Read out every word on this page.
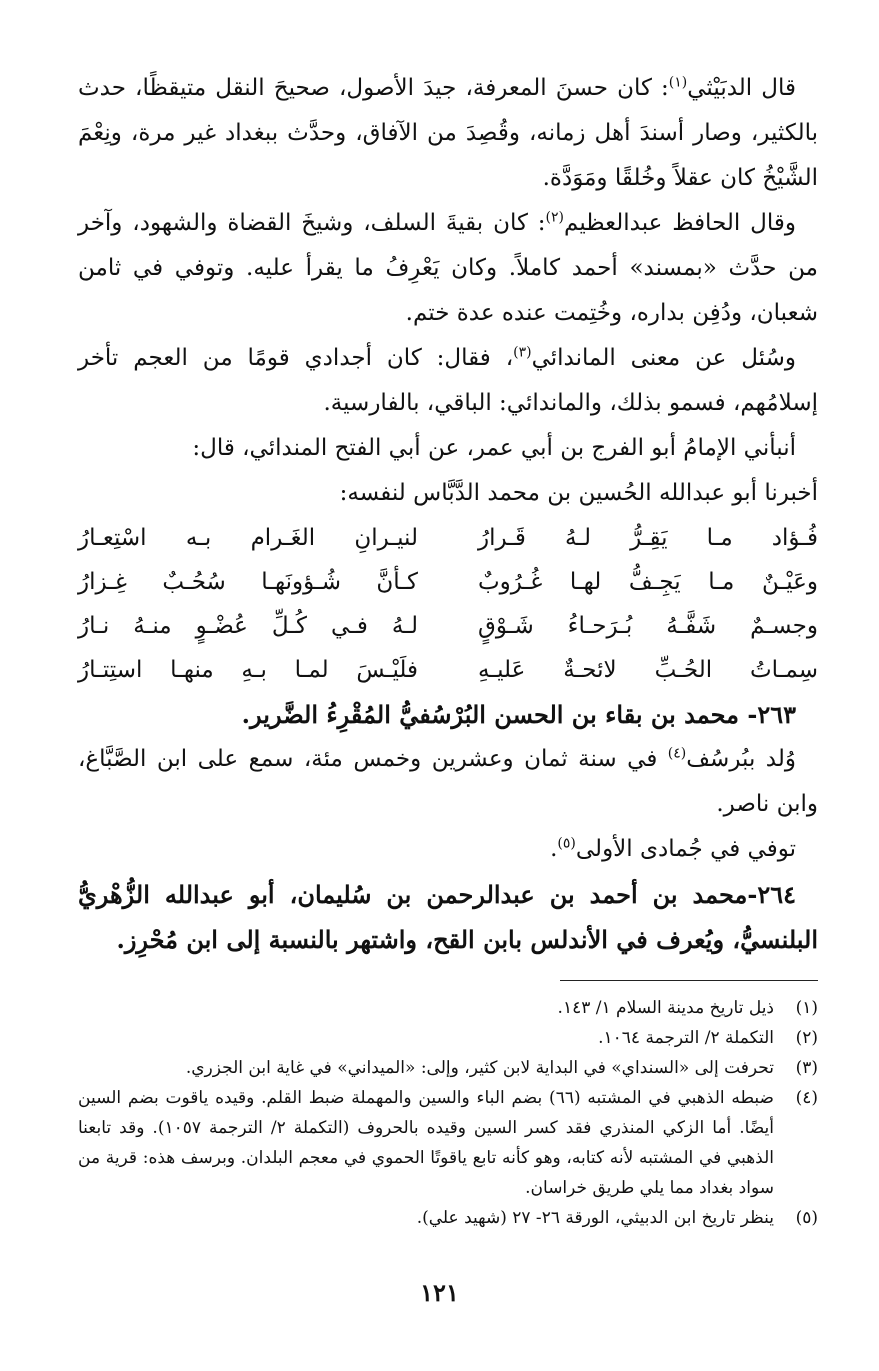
قال الدبَيْثي$^{(١)}$: كان حسنَ المعرفة، جيدَ الأصول، صحيحَ النقل متيقظًا، حدث بالكثير، وصار أسندَ أهل زمانه، وقُصِدَ من الآفاق، وحدَّث ببغداد غير مرة، ونِعْمَ الشَّيْخُ كان عقلاً وخُلقًا ومَوَدَّة.

وقال الحافظ عبدالعظيم$^{(٢)}$: كان بقيةَ السلف، وشيخَ القضاة والشهود، وآخر من حدَّث «بمسند» أحمد كاملاً. وكان يَعْرِفُ ما يقرأ عليه. وتوفي في ثامن شعبان، ودُفِن بداره، وخُتِمت عنده عدة ختم.

وسُئل عن معنى الماندائي$^{(٣)}$، فقال: كان أجدادي قومًا من العجم تأخر إسلامُهم، فسمو بذلك، والماندائي: الباقي، بالفارسية.

أنبأني الإمامُ أبو الفرج بن أبي عمر، عن أبي الفتح المندائي، قال:

أخبرنا أبو عبدالله الحُسين بن محمد الدَّبَّاس لنفسه:

فُـؤاد مـا يَقِـرُّ لـهُ قَـرارُ
لنيـرانِ الغَـرام بـه اسْتِعـارُ
وعَيْـنٌ مـا يَجِـفُّ لهـا غُـرُوبٌ
كـأنَّ شُـؤونَهـا سُحُـبٌ غِـزارُ
وجسـمٌ شَفَّـهُ بُـرَحـاءُ شَـوْقٍ
لـهُ فـي كُـلِّ عُضْـوٍ منـهُ نـارُ
سِمـاتُ الحُـبِّ لائحـةٌ عَليـهِ
فلَيْـسَ لمـا بـهِ منهـا استِتـارُ

٢٦٣- محمد بن بقاء بن الحسن البُرْسُفيُّ المُقْرِءُ الضَّرير.

وُلد ببُرسُف$^{(٤)}$ في سنة ثمان وعشرين وخمس مئة، سمع على ابن الصَّبَّاغ، وابن ناصر.

توفي في جُمادى الأولى$^{(٥)}$.

٢٦٤-محمد بن أحمد بن عبدالرحمن بن سُليمان، أبو عبدالله الزُّهْريُّ البلنسيُّ، ويُعرف في الأندلس بابن القح، واشتهر بالنسبة إلى ابن مُحْرِز.

(١)
ذيل تاريخ مدينة السلام ١/ ١٤٣.
(٢)
التكملة ٢/ الترجمة ١٠٦٤.
(٣)
تحرفت إلى «السنداي» في البداية لابن كثير، وإلى: «الميداني» في غاية ابن الجزري.
(٤)
ضبطه الذهبي في المشتبه (٦٦) بضم الباء والسين والمهملة ضبط القلم. وقيده ياقوت بضم السين أيضًا. أما الزكي المنذري فقد كسر السين وقيده بالحروف (التكملة ٢/ الترجمة ١٠٥٧). وقد تابعنا الذهبي في المشتبه لأنه كتابه، وهو كأنه تابع ياقوتًا الحموي في معجم البلدان. وبرسف هذه: قرية من سواد بغداد مما يلي طريق خراسان.
(٥)
ينظر تاريخ ابن الدبيثي، الورقة ٢٦- ٢٧ (شهيد علي).
١٢١
